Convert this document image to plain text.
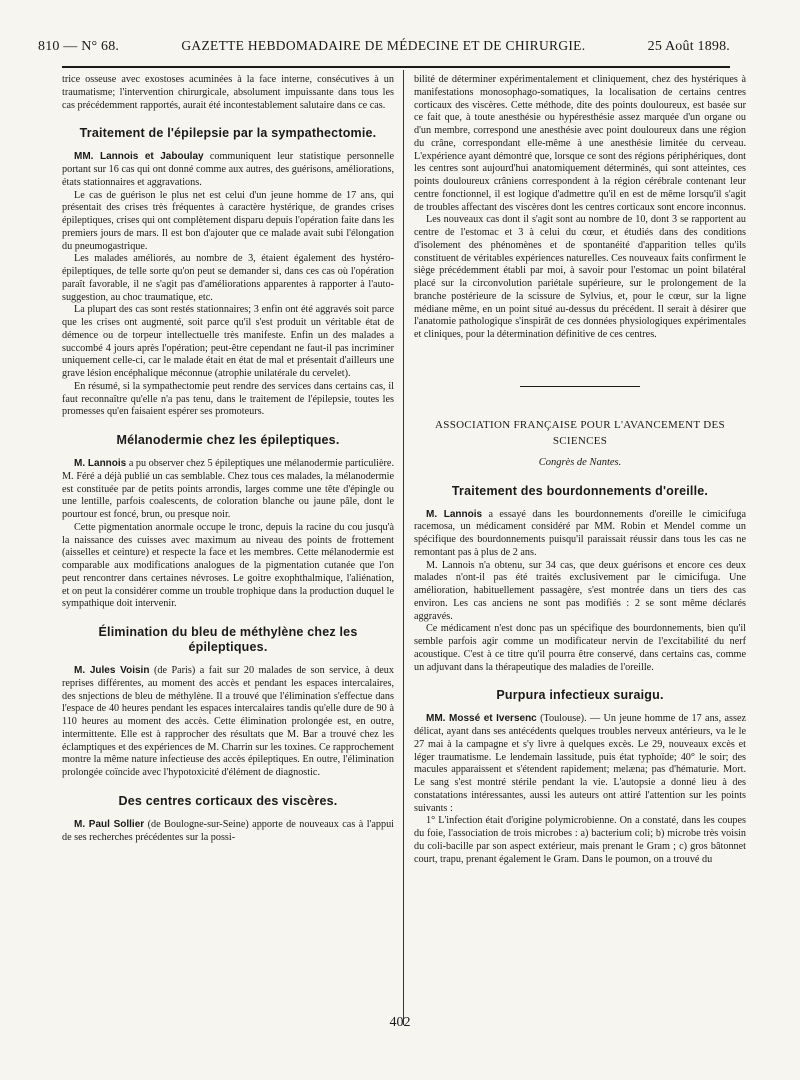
810 — N° 68.	GAZETTE HEBDOMADAIRE DE MÉDECINE ET DE CHIRURGIE.	25 Août 1898.

trice osseuse avec exostoses acuminées à la face interne, consécutives à un traumatisme; l'intervention chirurgicale, absolument impuissante dans tous les cas précédemment rapportés, aurait été incontestablement salutaire dans ce cas.

Traitement de l'épilepsie par la sympathectomie.

MM. Lannois et Jaboulay communiquent leur statistique personnelle portant sur 16 cas qui ont donné comme aux autres, des guérisons, améliorations, états stationnaires et aggravations.

Le cas de guérison le plus net est celui d'un jeune homme de 17 ans, qui présentait des crises très fréquentes à caractère hystérique, de grandes crises épileptiques, crises qui ont complètement disparu depuis l'opération faite dans les premiers jours de mars. Il est bon d'ajouter que ce malade avait subi l'élongation du pneumogastrique.

Les malades améliorés, au nombre de 3, étaient également des hystéro-épileptiques, de telle sorte qu'on peut se demander si, dans ces cas où l'opération paraît favorable, il ne s'agit pas d'améliorations apparentes à rapporter à l'auto-suggestion, au choc traumatique, etc.

La plupart des cas sont restés stationnaires; 3 enfin ont été aggravés soit parce que les crises ont augmenté, soit parce qu'il s'est produit un véritable état de démence ou de torpeur intellectuelle très manifeste. Enfin un des malades a succombé 4 jours après l'opération; peut-être cependant ne faut-il pas incriminer uniquement celle-ci, car le malade était en état de mal et présentait d'ailleurs une grave lésion encéphalique méconnue (atrophie unilatérale du cervelet).

En résumé, si la sympathectomie peut rendre des services dans certains cas, il faut reconnaître qu'elle n'a pas tenu, dans le traitement de l'épilepsie, toutes les promesses qu'en faisaient espérer ses promoteurs.

Mélanodermie chez les épileptiques.

M. Lannois a pu observer chez 5 épileptiques une mélanodermie particulière. M. Féré a déjà publié un cas semblable. Chez tous ces malades, la mélanodermie est constituée par de petits points arrondis, larges comme une tête d'épingle ou une lentille, parfois coalescents, de coloration blanche ou jaune pâle, dont le pourtour est foncé, brun, ou presque noir.

Cette pigmentation anormale occupe le tronc, depuis la racine du cou jusqu'à la naissance des cuisses avec maximum au niveau des points de frottement (aisselles et ceinture) et respecte la face et les membres. Cette mélanodermie est comparable aux modifications analogues de la pigmentation cutanée que l'on peut rencontrer dans certaines névroses. Le goitre exophthalmique, l'aliénation, et on peut la considérer comme un trouble trophique dans la production duquel le sympathique doit intervenir.

Élimination du bleu de méthylène chez les épileptiques.

M. Jules Voisin (de Paris) a fait sur 20 malades de son service, à deux reprises différentes, au moment des accès et pendant les espaces intercalaires, des snjections de bleu de méthylène. Il a trouvé que l'élimination s'effectue dans l'espace de 40 heures pendant les espaces intercalaires tandis qu'elle dure de 90 à 110 heures au moment des accès. Cette élimination prolongée est, en outre, intermittente. Elle est à rapprocher des résultats que M. Bar a trouvé chez les éclamptiques et des expériences de M. Charrin sur les toxines. Ce rapprochement montre la même nature infectieuse des accès épileptiques. En outre, l'élimination prolongée coïncide avec l'hypotoxicité d'élément de diagnostic.

Des centres corticaux des viscères.

M. Paul Sollier (de Boulogne-sur-Seine) apporte de nouveaux cas à l'appui de ses recherches précédentes sur la possi-

bilité de déterminer expérimentalement et cliniquement, chez des hystériques à manifestations monosophago-somatiques, la localisation de certains centres corticaux des viscères. Cette méthode, dite des points douloureux, est basée sur ce fait que, à toute anesthésie ou hypéresthésie assez marquée d'un organe ou d'un membre, correspond une anesthésie avec point douloureux dans une région du crâne, correspondant elle-même à une anesthésie limitée du cerveau. L'expérience ayant démontré que, lorsque ce sont des régions périphériques, dont les centres sont aujourd'hui anatomiquement déterminés, qui sont atteintes, ces points douloureux crâniens correspondent à la région cérébrale contenant leur centre fonctionnel, il est logique d'admettre qu'il en est de même lorsqu'il s'agit de troubles affectant des viscères dont les centres corticaux sont encore inconnus.

Les nouveaux cas dont il s'agit sont au nombre de 10, dont 3 se rapportent au centre de l'estomac et 3 à celui du cœur, et étudiés dans des conditions d'isolement des phénomènes et de spontanéité d'apparition telles qu'ils constituent de véritables expériences naturelles. Ces nouveaux faits confirment le siège précédemment établi par moi, à savoir pour l'estomac un point bilatéral placé sur la circonvolution pariétale supérieure, sur le prolongement de la branche postérieure de la scissure de Sylvius, et, pour le cœur, sur la ligne médiane même, en un point situé au-dessus du précédent. Il serait à désirer que l'anatomie pathologique s'inspirât de ces données physiologiques expérimentales et cliniques, pour la détermination définitive de ces centres.

ASSOCIATION FRANÇAISE POUR L'AVANCEMENT DES SCIENCES
Congrès de Nantes.
Traitement des bourdonnements d'oreille.

M. Lannois a essayé dans les bourdonnements d'oreille le cimicifuga racemosa, un médicament considéré par MM. Robin et Mendel comme un spécifique des bourdonnements puisqu'il paraissait réussir dans tous les cas ne remontant pas à plus de 2 ans.

M. Lannois n'a obtenu, sur 34 cas, que deux guérisons et encore ces deux malades n'ont-il pas été traités exclusivement par le cimicifuga. Une amélioration, habituellement passagère, s'est montrée dans un tiers des cas environ. Les cas anciens ne sont pas modifiés : 2 se sont même déclarés aggravés.

Ce médicament n'est donc pas un spécifique des bourdonnements, bien qu'il semble parfois agir comme un modificateur nervin de l'excitabilité du nerf acoustique. C'est à ce titre qu'il pourra être conservé, dans certains cas, comme un adjuvant dans la thérapeutique des maladies de l'oreille.

Purpura infectieux suraigu.

MM. Mossé et Iversenc (Toulouse). — Un jeune homme de 17 ans, assez délicat, ayant dans ses antécédents quelques troubles nerveux antérieurs, va le le 27 mai à la campagne et s'y livre à quelques excès. Le 29, nouveaux excès et léger traumatisme. Le lendemain lassitude, puis état typhoïde; 40° le soir; des macules apparaissent et s'étendent rapidement; melæna; pas d'hématurie. Mort. Le sang s'est montré stérile pendant la vie. L'autopsie a donné lieu à des constatations intéressantes, aussi les auteurs ont attiré l'attention sur les points suivants :

1° L'infection était d'origine polymicrobienne. On a constaté, dans les coupes du foie, l'association de trois microbes : a) bacterium coli; b) microbe très voisin du coli-bacille par son aspect extérieur, mais prenant le Gram ; c) gros bâtonnet court, trapu, prenant également le Gram. Dans le poumon, on a trouvé du

402
